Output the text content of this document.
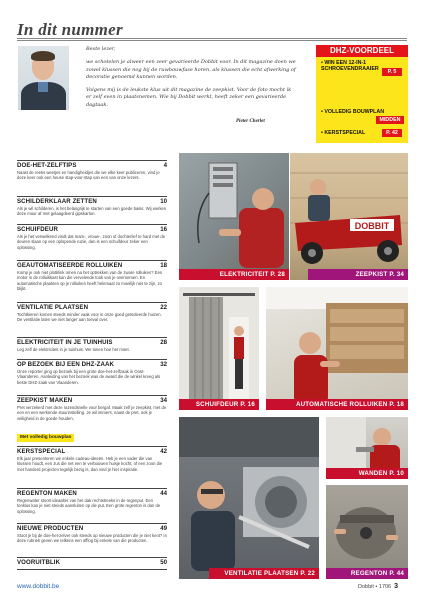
In dit nummer

Beste lezer,

we schotelen je alweer een zeer gevarieerde Dobbit voor. In dit magazine doen we zowel klussen die nog bij de ruwbouwfase horen, als klussen die echt afwerking of decoratie genoemd kunnen worden.

Volgens mij is de leukste klus uit dit magazine de zeepkist. Voor de foto mocht ik er zelf even in plaatsnemen. Wie bij Dobbit werkt, heeft zeker een gevarieerde dagtaak.

Pieter Cherlet
DHZ-VOORDEEL
• WIN EEN 12-IN-1 SCHROEVENDRAAIER	P. 5
• VOLLEDIG BOUWPLAN
MIDDEN
• KERSTSPECIAL	P. 42
DOE-HET-ZELFTIPS	4
Naast de reeks weetjes en handigheidjes die we elke keer publiceren, vind je deze keer ook een heuse stap-voor-stap van een van onze lezers.
SCHILDERKLAAR ZETTEN	10
Als je wil schilderen, is het belangrijk te starten van een goede basis. Wij werken deze muur af met gelaagdeerd gipskarton.
SCHUIFDEUR	16
Als je het verwelkend vindt dat mam-, vrouw-, zoon of dochterlief te hard met de deuren slaan op een oplopende ruzie, dan is een schuifdeur zeker een oplossing.
GEAUTOMATISEERDE ROLLUIKEN	18
Komp je ook niet plotklink omen na het optrekken van de zware rolluiken? Een motor in de rolluikkast kan die vervelende took van je overnemen. En automatische plaatsen op je rolluiken heeft helemaal zo moeilijk niet te zijn, zo blijkt.
VENTILATIE PLAATSEN	22
Tochtkieren komen steeds minder vaak voor in onze goed geïsoleerde huizen. De ventilatie laten we niet langer aan toeval over.
ELEKTRICITEIT IN JE TUINHUIS	28
Leg zelf de elektriciteit in je tuinhuis. We tonen hoe het moet.
OP BEZOEK BIJ EEN DHZ-ZAAK	32
Onze reporter ging op bezoek bij een grote doe-het-zelfzaak in Oost-Vlaanderen. Aanleiding van het bezoek was de award die de winkel kreeg als beste DHZ-zaak van Vlaanderen.
ZEEPKIST MAKEN	34
Pret verzekerd met deze razendsnelle voor bergaf. Maak zelf je zeepkist, met de een en een werkende stuurinstelling. Je wil immers, naast de pret, ook je veiligheid in de goede houden.
Met volledig bouwplan
KERSTSPECIAL	42
Elk jaar presenteren we enkele cadeau-ideeën. Heb je een vader die van klussen houdt, een zus die net een te verbouwen huisje kocht, of een zoon die met handerd projecten tegelijk bezig is, dan vind je hier inspiratie.
REGENTON MAKEN	44
Regenwater stoort ideaalter van het dak rechtstreeks in de regenput. Een tonklus kan je niet steeds aansluiten op die put. Een grote regenton is dan de oplossing.
NIEUWE PRODUCTEN	49
Stoot je bij de doe-het-zelver ook steeds op nieuwe producten die je niet kent? In deze rubriek geven we telkens een offlog bij enkele van die producten.
VOORUITBLIK	50
ELEKTRICITEIT P. 28
DOBBIT
ZEEPKIST P. 34
SCHUIFDEUR P. 16	AUTOMATISCHE ROLLUIKEN P. 18
VENTILATIE PLAATSEN P. 22
WANDEN P. 10
REGENTON P. 44
www.dobbit.be	Dobbit • 1706 3
